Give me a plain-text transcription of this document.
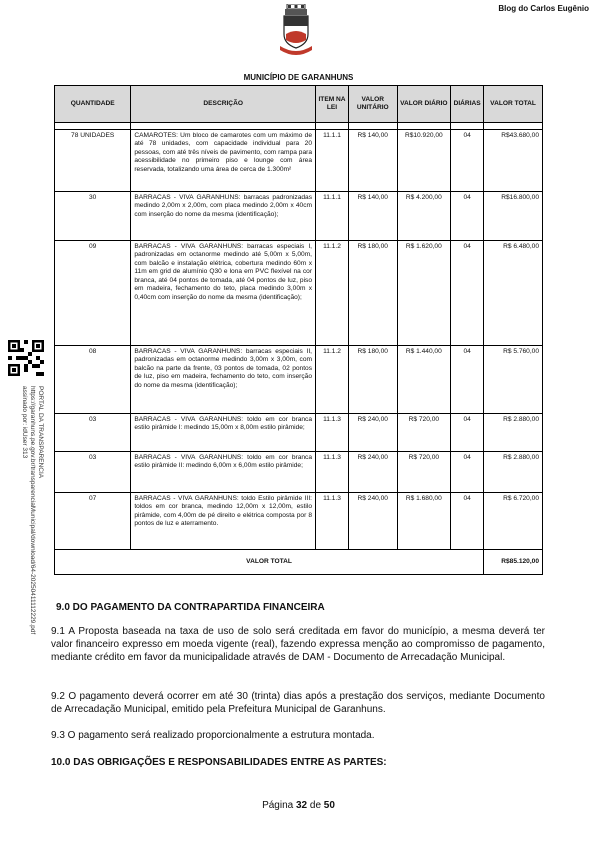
Blog do Carlos Eugênio
MUNICÍPIO DE GARANHUNS
QUANTIDADE	DESCRIÇÃO	ITEM NA LEI	VALOR UNITÁRIO	VALOR DIÁRIO	DIÁRIAS	VALOR TOTAL

78 UNIDADES	CAMAROTES: Um bloco de camarotes com um máximo de até 78 unidades, com capacidade individual para 20 pessoas, com até três níveis de pavimento, com rampa para acessibilidade no primeiro piso e lounge com área reservada, totalizando uma área de cerca de 1.300m²	11.1.1	R$ 140,00	R$10.920,00	04	R$43.680,00
30	BARRACAS - VIVA GARANHUNS: barracas padronizadas medindo 2,00m x 2,00m, com placa medindo 2,00m x 40cm com inserção do nome da mesma (identificação);	11.1.1	R$ 140,00	R$ 4.200,00	04	R$16.800,00
09	BARRACAS - VIVA GARANHUNS: barracas especiais I, padronizadas em octanorme medindo até 5,00m x 5,00m, com balcão e instalação elétrica, cobertura medindo 60m x 11m em grid de alumínio Q30 e lona em PVC flexível na cor branca, até 04 pontos de tomada, até 04 pontos de luz, piso em madeira, fechamento do teto, placa medindo 3,00m x 0,40cm com inserção do nome da mesma (identificação);	11.1.2	R$ 180,00	R$ 1.620,00	04	R$ 6.480,00
08	BARRACAS - VIVA GARANHUNS: barracas especiais II, padronizadas em octanorme medindo 3,00m x 3,00m, com balcão na parte da frente, 03 pontos de tomada, 02 pontos de luz, piso em madeira, fechamento do teto, com inserção do nome da mesma (identificação);	11.1.2	R$ 180,00	R$ 1.440,00	04	R$ 5.760,00
03	BARRACAS - VIVA GARANHUNS: toldo em cor branca estilo pirâmide I: medindo 15,00m x 8,00m estilo pirâmide;	11.1.3	R$ 240,00	R$ 720,00	04	R$ 2.880,00
03	BARRACAS - VIVA GARANHUNS: toldo em cor branca estilo pirâmide II: medindo 6,00m x 6,00m estilo pirâmide;	11.1.3	R$ 240,00	R$ 720,00	04	R$ 2.880,00
07	BARRACAS - VIVA GARANHUNS: toldo Estilo pirâmide III: toldos em cor branca, medindo 12,00m x 12,00m, estilo pirâmide, com 4,00m de pé direito e elétrica composta por 8 pontos de luz e aterramento.	11.1.3	R$ 240,00	R$ 1.680,00	04	R$ 6.720,00
VALOR TOTAL						R$85.120,00
9.0 DO PAGAMENTO DA CONTRAPARTIDA FINANCEIRA
9.1 A Proposta baseada na taxa de uso de solo será creditada em favor do município, a mesma deverá ter valor financeiro expresso em moeda vigente (real), fazendo expressa menção ao compromisso de pagamento, mediante crédito em favor da municipalidade através de DAM - Documento de Arrecadação Municipal.
9.2 O pagamento deverá ocorrer em até 30 (trinta) dias após a prestação dos serviços, mediante Documento de Arrecadação Municipal, emitido pela Prefeitura Municipal de Garanhuns.
9.3 O pagamento será realizado proporcionalmente a estrutura montada.
10.0 DAS OBRIGAÇÕES E RESPONSABILIDADES ENTRE AS PARTES:
Página 32 de 50
PORTAL DA TRANSPARENCIA
https://garanhuns.pe.gov.br/transparenciaMunicipal/download/64-20250411112229.pdf
assinado por: idUser 313
